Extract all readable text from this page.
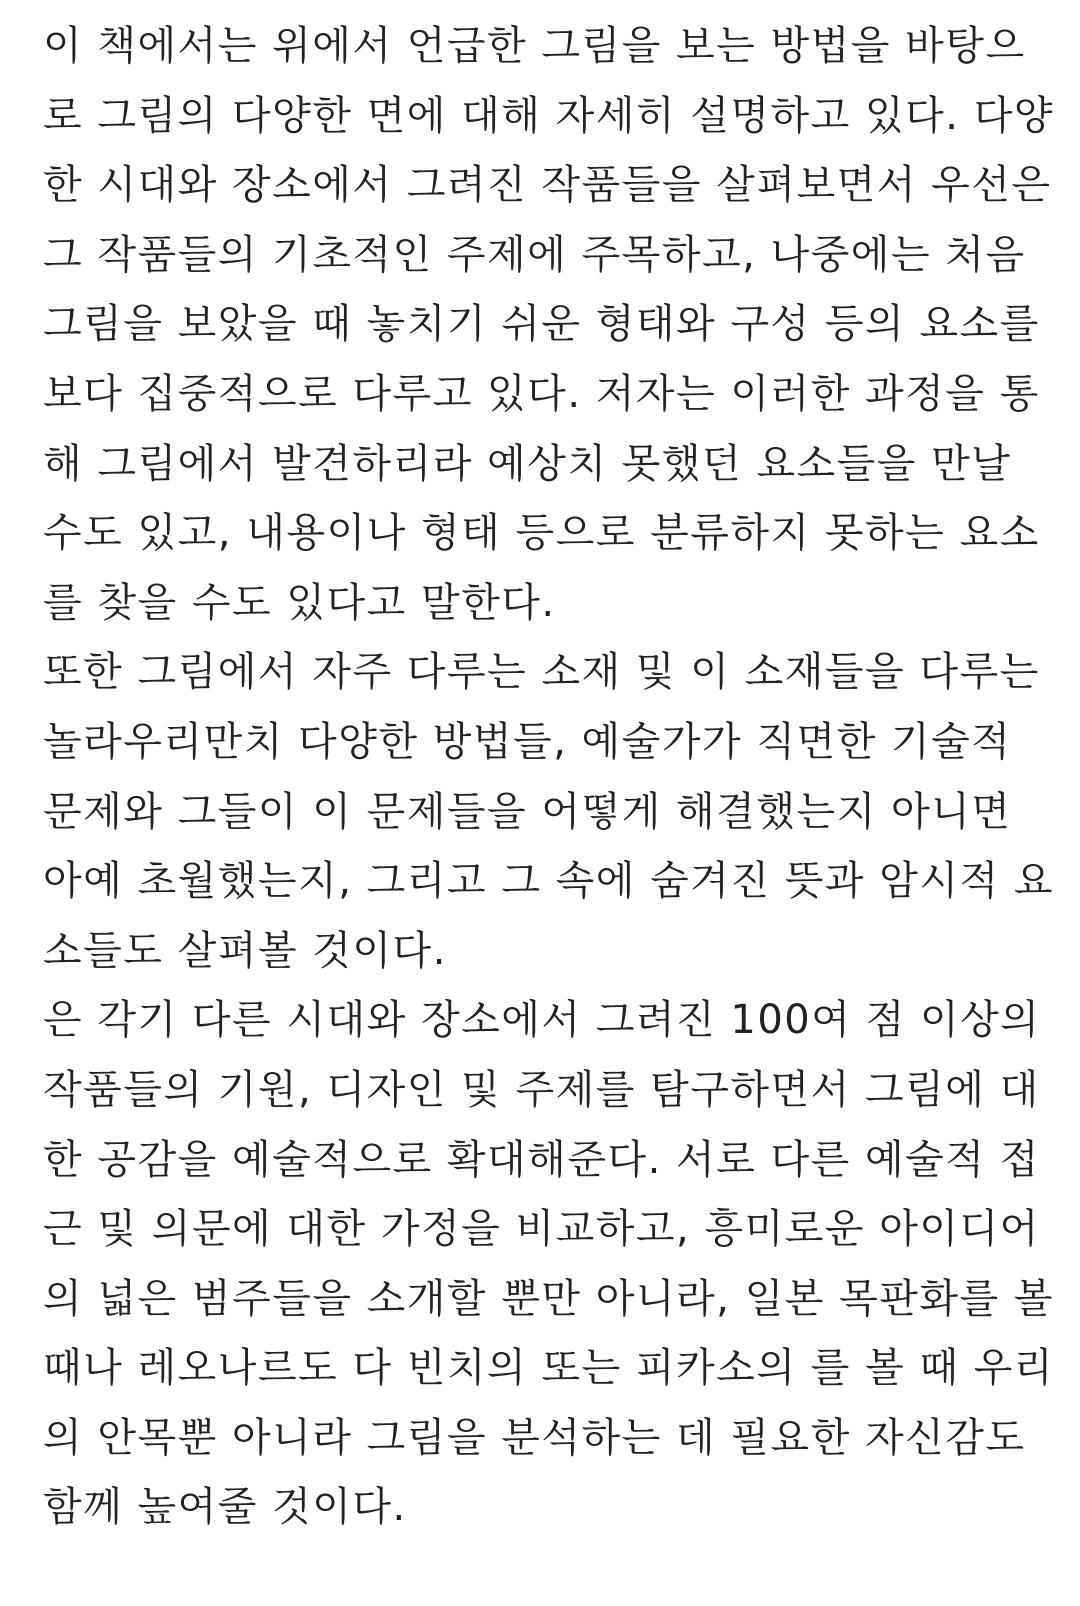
이 책에서는 위에서 언급한 그림을 보는 방법을 바탕으
로 그림의 다양한 면에 대해 자세히 설명하고 있다. 다양
한 시대와 장소에서 그려진 작품들을 살펴보면서 우선은
그 작품들의 기초적인 주제에 주목하고, 나중에는 처음
그림을 보았을 때 놓치기 쉬운 형태와 구성 등의 요소를
보다 집중적으로 다루고 있다. 저자는 이러한 과정을 통
해 그림에서 발견하리라 예상치 못했던 요소들을 만날
수도 있고, 내용이나 형태 등으로 분류하지 못하는 요소
를 찾을 수도 있다고 말한다.
또한 그림에서 자주 다루는 소재 및 이 소재들을 다루는
놀라우리만치 다양한 방법들, 예술가가 직면한 기술적
문제와 그들이 이 문제들을 어떻게 해결했는지 아니면
아예 초월했는지, 그리고 그 속에 숨겨진 뜻과 암시적 요
소들도 살펴볼 것이다.
은 각기 다른 시대와 장소에서 그려진 100여 점 이상의
작품들의 기원, 디자인 및 주제를 탐구하면서 그림에 대
한 공감을 예술적으로 확대해준다. 서로 다른 예술적 접
근 및 의문에 대한 가정을 비교하고, 흥미로운 아이디어
의 넓은 범주들을 소개할 뿐만 아니라, 일본 목판화를 볼
때나 레오나르도 다 빈치의 또는 피카소의 를 볼 때 우리
의 안목뿐 아니라 그림을 분석하는 데 필요한 자신감도
함께 높여줄 것이다.
